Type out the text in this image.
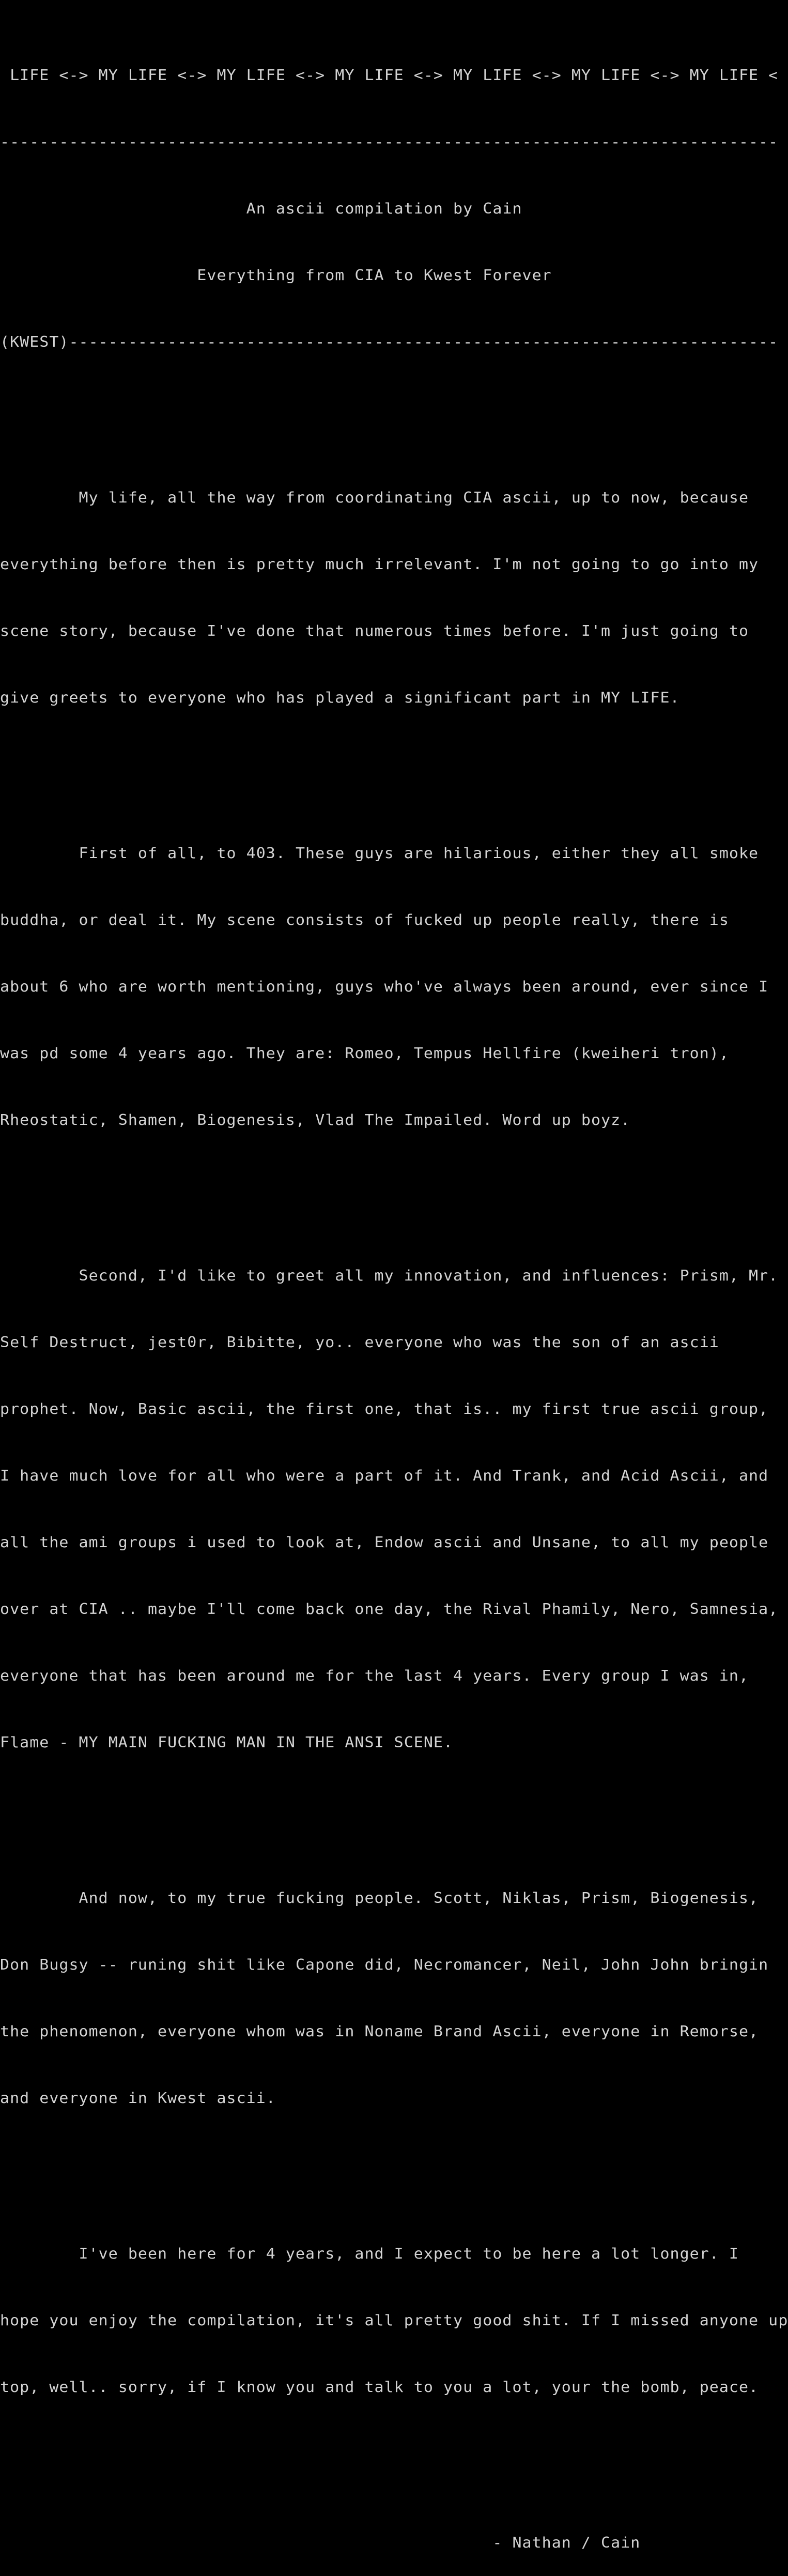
LIFE <-> MY LIFE <-> MY LIFE <-> MY LIFE <-> MY LIFE <-> MY LIFE <-> MY LIFE <

-------------------------------------------------------------------------------

An ascii compilation by Cain

Everything from CIA to Kwest Forever

(KWEST)------------------------------------------------------------------------

My life, all the way from coordinating CIA ascii, up to now, because

everything before then is pretty much irrelevant. I'm not going to go into my

scene story, because I've done that numerous times before. I'm just going to

give greets to everyone who has played a significant part in MY LIFE.

First of all, to 403. These guys are hilarious, either they all smoke

buddha, or deal it. My scene consists of fucked up people really, there is

about 6 who are worth mentioning, guys who've always been around, ever since I

was pd some 4 years ago. They are: Romeo, Tempus Hellfire (kweiheri tron),

Rheostatic, Shamen, Biogenesis, Vlad The Impailed. Word up boyz.

Second, I'd like to greet all my innovation, and influences: Prism, Mr.

Self Destruct, jest0r, Bibitte, yo.. everyone who was the son of an ascii

prophet. Now, Basic ascii, the first one, that is.. my first true ascii group,

I have much love for all who were a part of it. And Trank, and Acid Ascii, and

all the ami groups i used to look at, Endow ascii and Unsane, to all my people

over at CIA .. maybe I'll come back one day, the Rival Phamily, Nero, Samnesia,

everyone that has been around me for the last 4 years. Every group I was in,

Flame - MY MAIN FUCKING MAN IN THE ANSI SCENE.

And now, to my true fucking people. Scott, Niklas, Prism, Biogenesis,

Don Bugsy -- runing shit like Capone did, Necromancer, Neil, John John bringin

the phenomenon, everyone whom was in Noname Brand Ascii, everyone in Remorse,

and everyone in Kwest ascii.

I've been here for 4 years, and I expect to be here a lot longer. I

hope you enjoy the compilation, it's all pretty good shit. If I missed anyone up

top, well.. sorry, if I know you and talk to you a lot, your the bomb, peace.

- Nathan / Cain
